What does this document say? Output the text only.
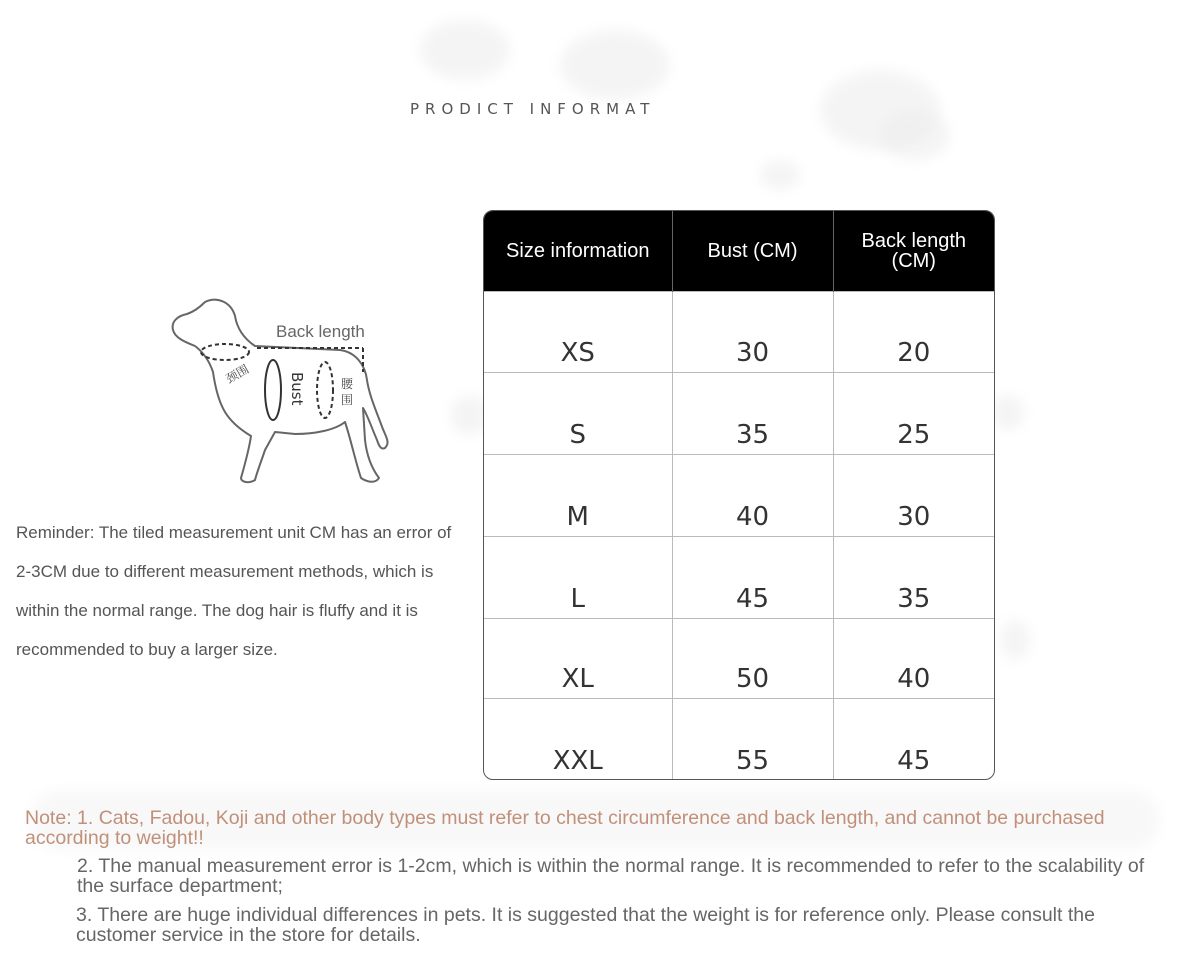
PRODICT INFORMAT
颈围	腰
围
Back length
Bust
Reminder: The tiled measurement unit CM has an error of 2-3CM due to different measurement methods, which is within the normal range. The dog hair is fluffy and it is recommended to buy a larger size.
Size information	Bust (CM)	Back length (CM)
XS	30	20
S	35	25
M	40	30
L	45	35
XL	50	40
XXL	55	45
Note: 1. Cats, Fadou, Koji and other body types must refer to chest circumference and back length, and cannot be purchased according to weight!!
2. The manual measurement error is 1-2cm, which is within the normal range. It is recommended to refer to the scalability of the surface department;
3. There are huge individual differences in pets. It is suggested that the weight is for reference only. Please consult the customer service in the store for details.
